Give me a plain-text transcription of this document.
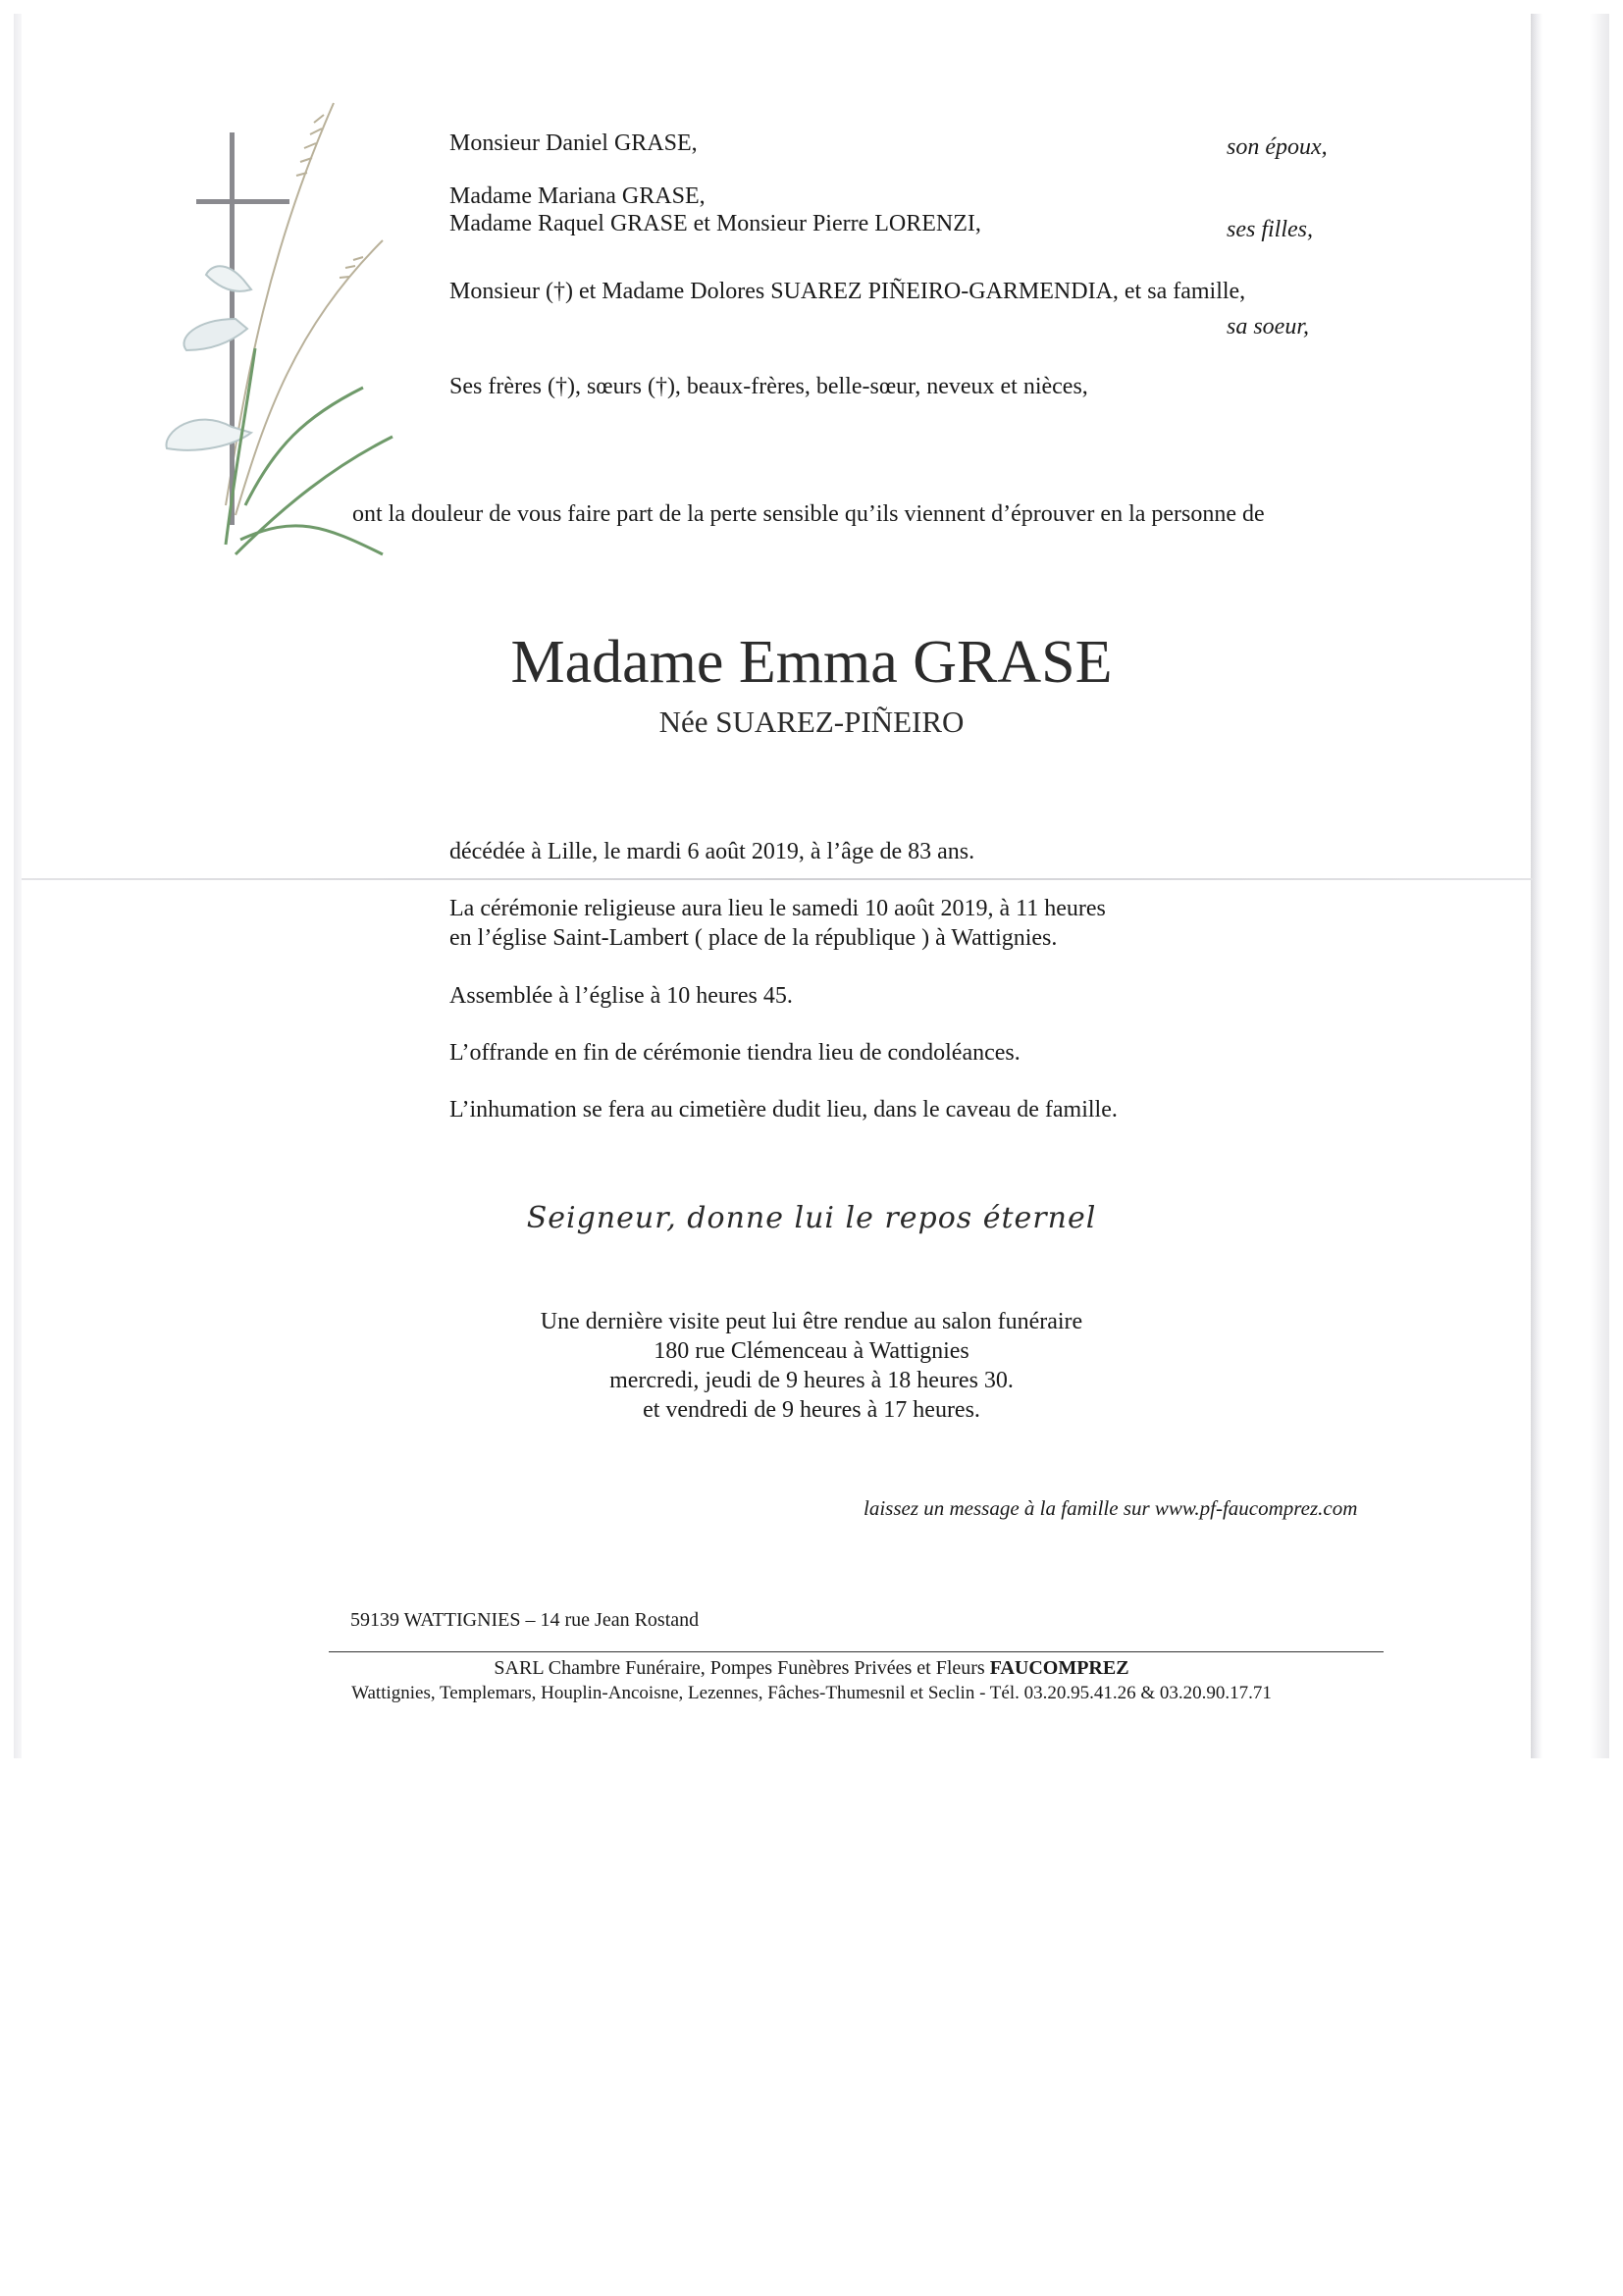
Monsieur Daniel GRASE,	son époux,
Madame Mariana GRASE,
Madame Raquel GRASE et Monsieur Pierre LORENZI,	ses filles,
Monsieur (†) et Madame Dolores SUAREZ PIÑEIRO-GARMENDIA, et sa famille,
sa soeur,
Ses frères (†), sœurs (†), beaux-frères, belle-sœur, neveux et nièces,
ont la douleur de vous faire part de la perte sensible qu’ils viennent d’éprouver en la personne de
Madame Emma GRASE
Née SUAREZ-PIÑEIRO
décédée à Lille, le mardi 6 août 2019, à l’âge de 83 ans.
La cérémonie religieuse aura lieu le samedi 10 août 2019, à 11 heures
en l’église Saint-Lambert ( place de la république ) à Wattignies.
Assemblée à l’église à 10 heures 45.
L’offrande en fin de cérémonie tiendra lieu de condoléances.
L’inhumation se fera au cimetière dudit lieu, dans le caveau de famille.
Seigneur, donne lui le repos éternel
Une dernière visite peut lui être rendue au salon funéraire
180 rue Clémenceau à Wattignies
mercredi, jeudi de 9 heures à 18 heures 30.
et vendredi de 9 heures à 17 heures.
laissez un message à la famille sur www.pf-faucomprez.com
59139 WATTIGNIES – 14 rue Jean Rostand
SARL Chambre Funéraire, Pompes Funèbres Privées et Fleurs FAUCOMPREZ
Wattignies, Templemars, Houplin-Ancoisne, Lezennes, Fâches-Thumesnil et Seclin - Tél. 03.20.95.41.26 & 03.20.90.17.71
